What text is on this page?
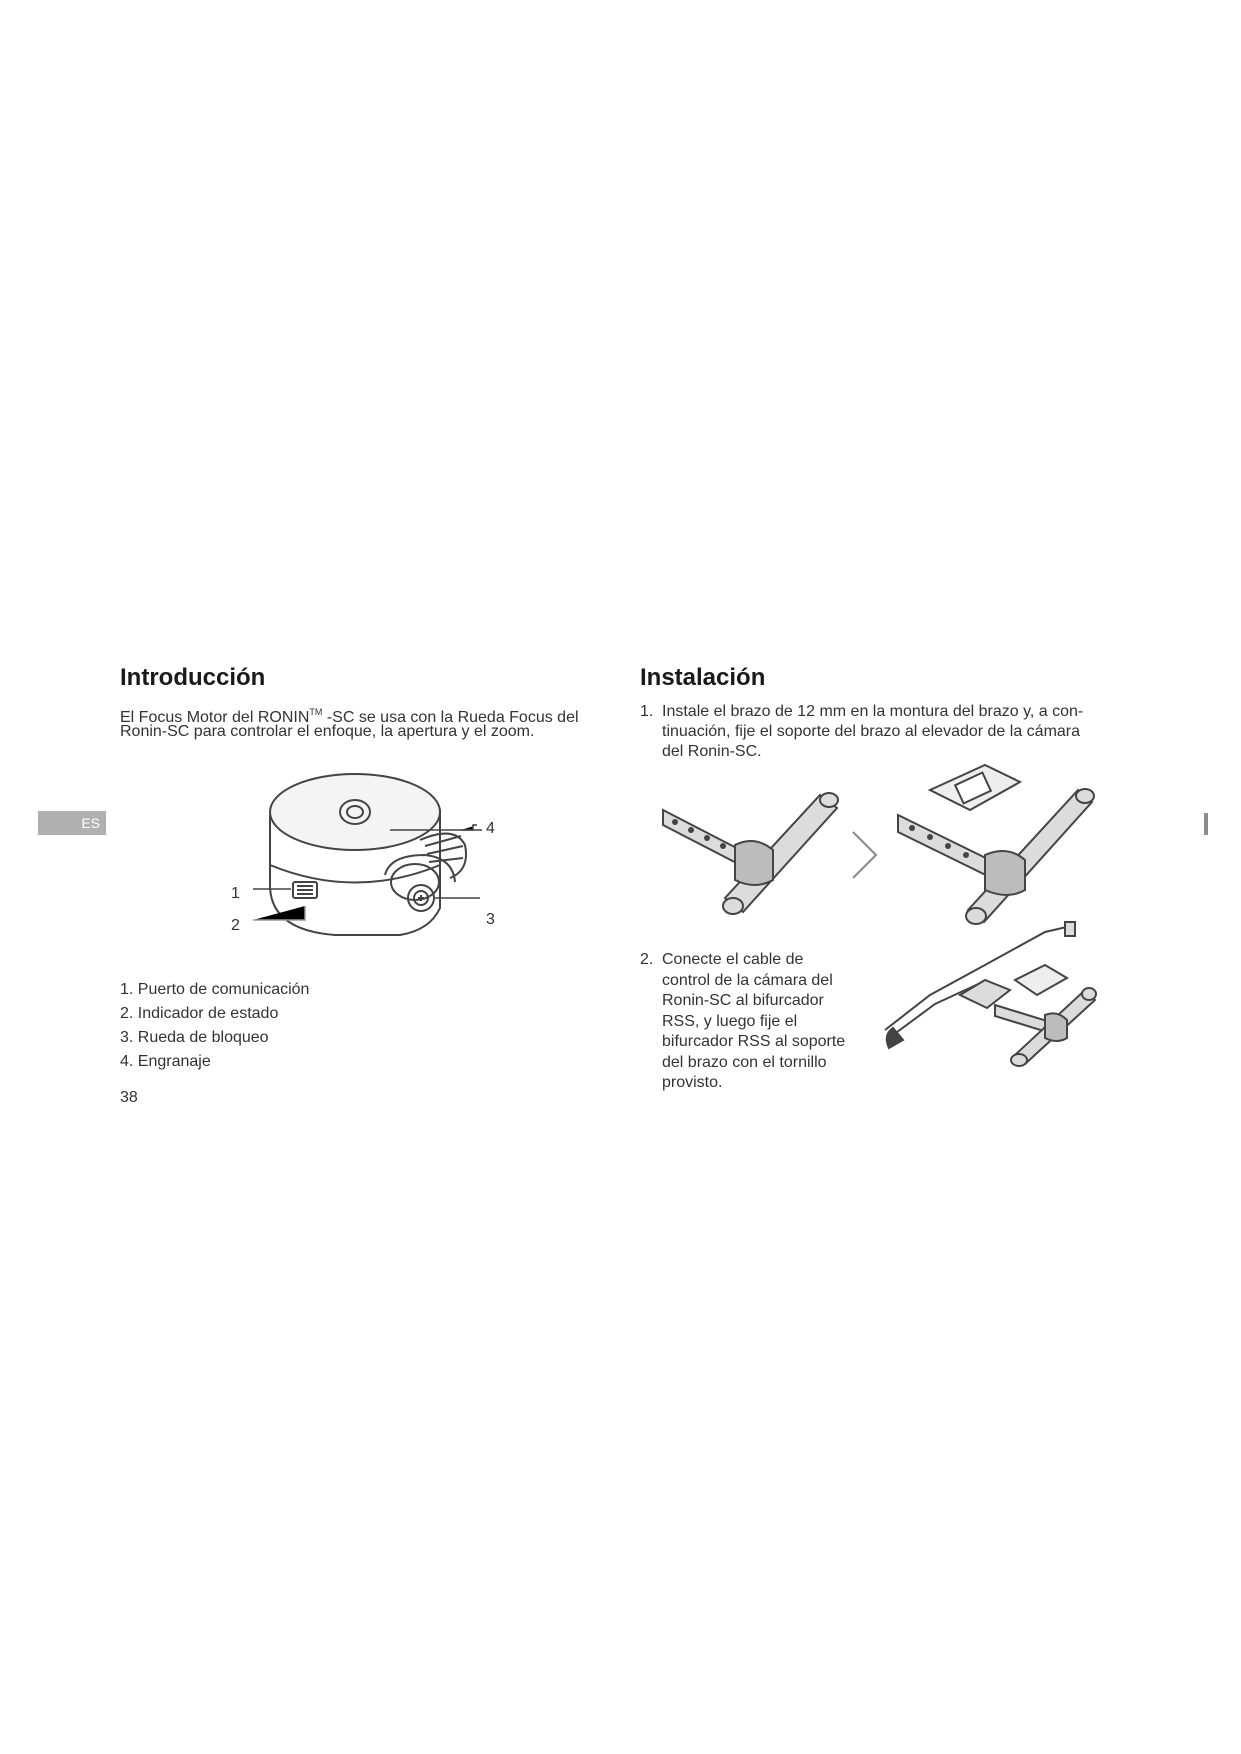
ES
Introducción
El Focus Motor del RONIN™ -SC se usa con la Rueda Focus del
Ronin-SC para controlar el enfoque, la apertura y el zoom.
1
2	3
4
1. Puerto de comunicación
2. Indicador de estado
3. Rueda de bloqueo
4. Engranaje
38
Instalación
1. Instale el brazo de 12 mm en la montura del brazo y, a con-
tinuación, fije el soporte del brazo al elevador de la cámara
del Ronin-SC.
2. Conecte el cable de
control de la cámara del
Ronin-SC al bifurcador
RSS, y luego fije el
bifurcador RSS al soporte
del brazo con el tornillo
provisto.
